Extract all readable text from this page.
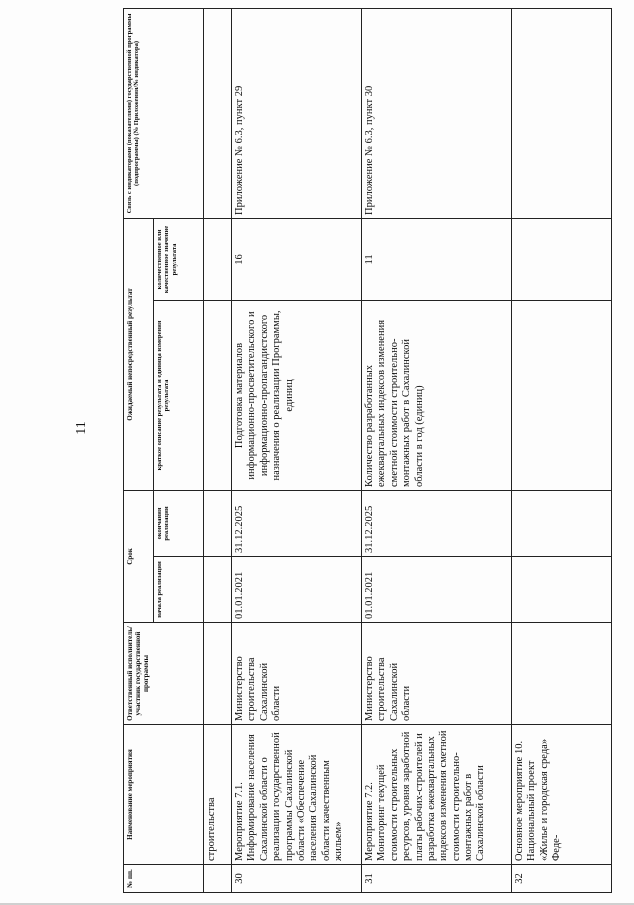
11
№ пп.	Наименование мероприятия	Ответственный исполнитель/участник государственной программы	Срок		Ожидаемый непосредственный результат		Связь с индикаторами (показателями) государственной программы (подпрограммы) (№ Приложения/№ индикатора)
			начала реализации	окончания реализации	краткое описание результата и единица измерения результата	количественное или качественное значение результата	
	строительства						
30	Мероприятие 7.1. Информирование населения Сахалинской области о реализации государственной программы Сахалинской области «Обеспечение населения Сахалинской области качественным жильем»	Министерство строительства Сахалинской области	01.01.2021	31.12.2025	Подготовка материалов информационно-просветительского и информационно-пропагандистского назначения о реализации Программы, единиц	16	Приложение № 6.3, пункт 29
31	Мероприятие 7.2. Мониторинг текущей стоимости строительных ресурсов, уровня заработной платы рабочих-строителей и разработка ежеквартальных индексов изменения сметной стоимости строительно-монтажных работ в Сахалинской области	Министерство строительства Сахалинской области	01.01.2021	31.12.2025	Количество разработанных ежеквартальных индексов изменения сметной стоимости строительно-монтажных работ в Сахалинской области в год (единиц)	11	Приложение № 6.3, пункт 30
32	Основное мероприятие 10. Национальный проект «Жилье и городская среда» Феде-						
